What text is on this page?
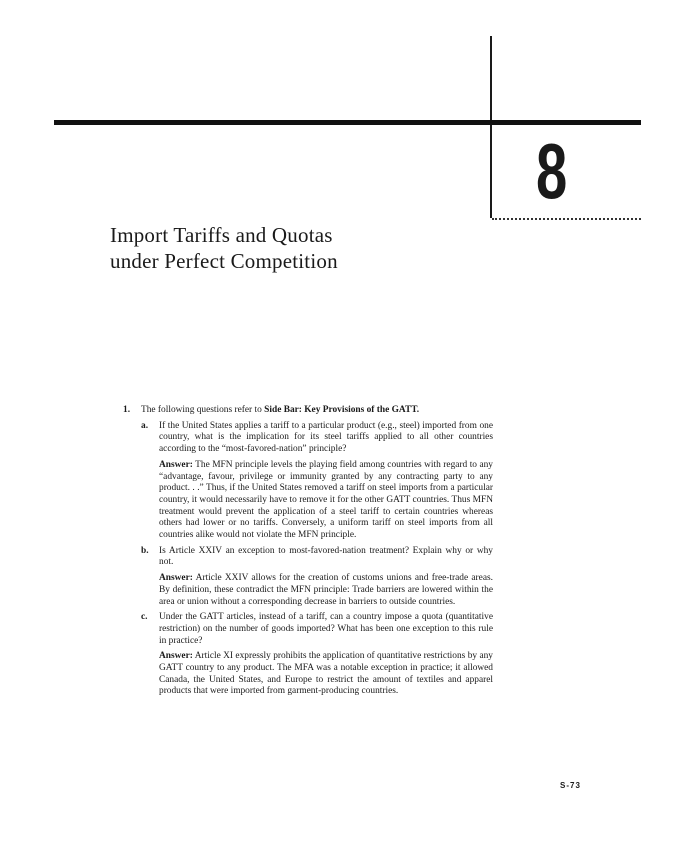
8
Import Tariffs and Quotas
under Perfect Competition

1. The following questions refer to Side Bar: Key Provisions of the GATT.

a. If the United States applies a tariff to a particular product (e.g., steel) imported from one country, what is the implication for its steel tariffs applied to all other countries according to the “most-favored-nation” principle?

Answer: The MFN principle levels the playing field among countries with regard to any “advantage, favour, privilege or immunity granted by any contracting party to any product. . .” Thus, if the United States removed a tariff on steel imports from a particular country, it would necessarily have to remove it for the other GATT countries. Thus MFN treatment would prevent the application of a steel tariff to certain countries whereas others had lower or no tariffs. Conversely, a uniform tariff on steel imports from all countries alike would not violate the MFN principle.

b. Is Article XXIV an exception to most-favored-nation treatment? Explain why or why not.

Answer: Article XXIV allows for the creation of customs unions and free-trade areas. By definition, these contradict the MFN principle: Trade barriers are lowered within the area or union without a corresponding decrease in barriers to outside countries.

c. Under the GATT articles, instead of a tariff, can a country impose a quota (quantitative restriction) on the number of goods imported? What has been one exception to this rule in practice?

Answer: Article XI expressly prohibits the application of quantitative restrictions by any GATT country to any product. The MFA was a notable exception in practice; it allowed Canada, the United States, and Europe to restrict the amount of textiles and apparel products that were imported from garment-producing countries.

S-73
